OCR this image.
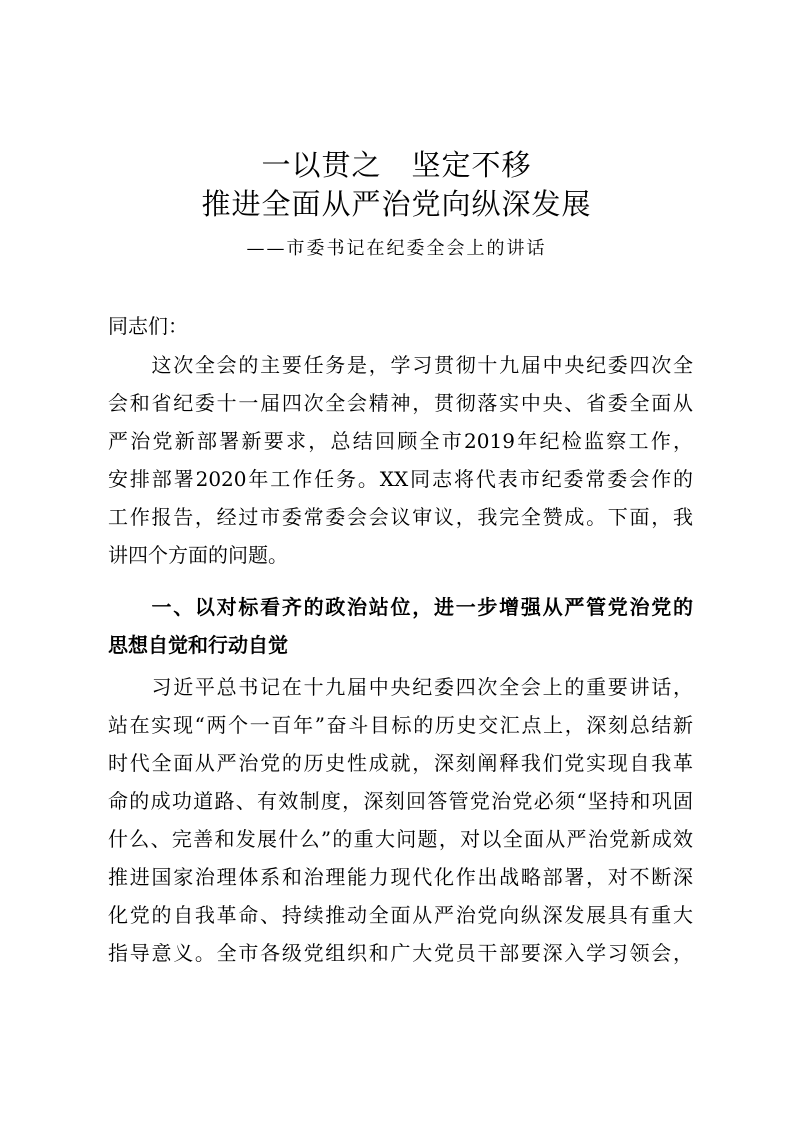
一以贯之　坚定不移
推进全面从严治党向纵深发展
——市委书记在纪委全会上的讲话
同志们：
　　这次全会的主要任务是，学习贯彻十九届中央纪委四次全
会和省纪委十一届四次全会精神，贯彻落实中央、省委全面从
严治党新部署新要求，总结回顾全市2019年纪检监察工作，
安排部署2020年工作任务。XX同志将代表市纪委常委会作的
工作报告，经过市委常委会会议审议，我完全赞成。下面，我
讲四个方面的问题。
　　一、以对标看齐的政治站位，进一步增强从严管党治党的
思想自觉和行动自觉
　　习近平总书记在十九届中央纪委四次全会上的重要讲话，
站在实现“两个一百年”奋斗目标的历史交汇点上，深刻总结新
时代全面从严治党的历史性成就，深刻阐释我们党实现自我革
命的成功道路、有效制度，深刻回答管党治党必须“坚持和巩固
什么、完善和发展什么”的重大问题，对以全面从严治党新成效
推进国家治理体系和治理能力现代化作出战略部署，对不断深
化党的自我革命、持续推动全面从严治党向纵深发展具有重大
指导意义。全市各级党组织和广大党员干部要深入学习领会，
